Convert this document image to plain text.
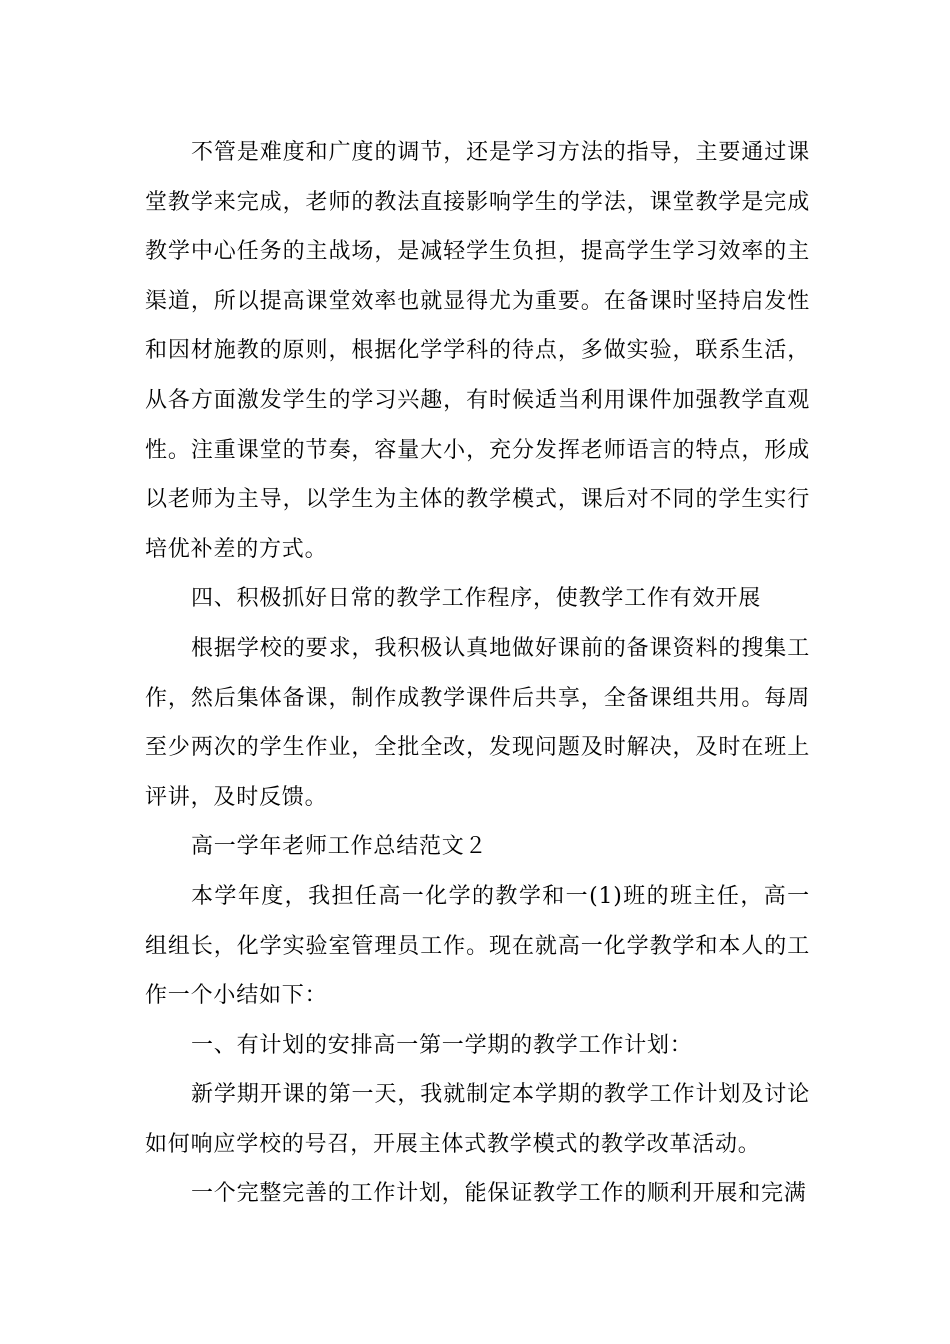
不管是难度和广度的调节，还是学习方法的指导，主要通过课堂教学来完成，老师的教法直接影响学生的学法，课堂教学是完成教学中心任务的主战场，是减轻学生负担，提高学生学习效率的主渠道，所以提高课堂效率也就显得尤为重要。在备课时坚持启发性和因材施教的原则，根据化学学科的待点，多做实验，联系生活，从各方面激发学生的学习兴趣，有时候适当利用课件加强教学直观性。注重课堂的节奏，容量大小，充分发挥老师语言的特点，形成以老师为主导，以学生为主体的教学模式，课后对不同的学生实行培优补差的方式。

四、积极抓好日常的教学工作程序，使教学工作有效开展

根据学校的要求，我积极认真地做好课前的备课资料的搜集工作，然后集体备课，制作成教学课件后共享，全备课组共用。每周至少两次的学生作业，全批全改，发现问题及时解决，及时在班上评讲，及时反馈。

高一学年老师工作总结范文２

本学年度，我担任高一化学的教学和一(1)班的班主任，高一组组长，化学实验室管理员工作。现在就高一化学教学和本人的工作一个小结如下：

一、有计划的安排高一第一学期的教学工作计划：

新学期开课的第一天，我就制定本学期的教学工作计划及讨论如何响应学校的号召，开展主体式教学模式的教学改革活动。

一个完整完善的工作计划，能保证教学工作的顺利开展和完满
